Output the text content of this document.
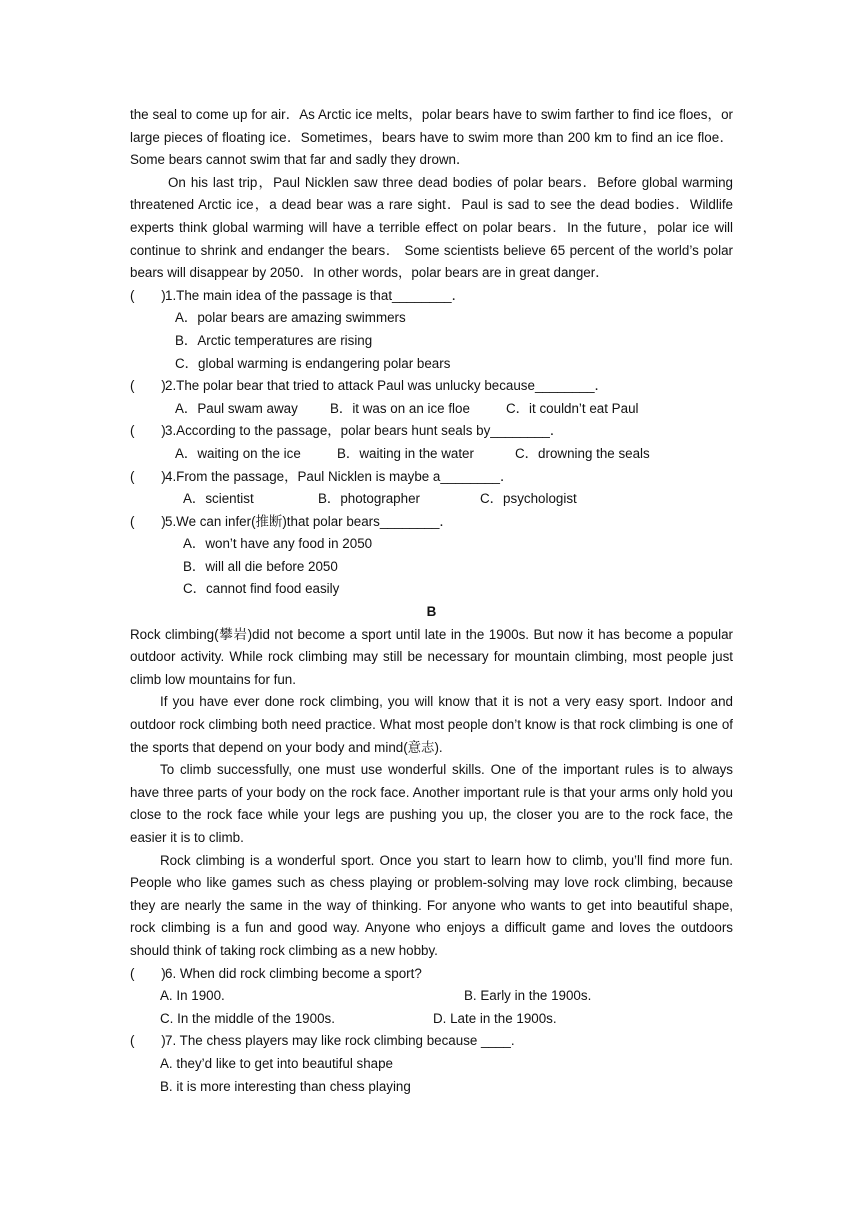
the seal to come up for air．As Arctic ice melts，polar bears have to swim farther to find ice floes，or large pieces of floating ice．Sometimes，bears have to swim more than 200 km to find an ice floe．Some bears cannot swim that far and sadly they drown．

On his last trip，Paul Nicklen saw three dead bodies of polar bears．Before global warming threatened Arctic ice，a dead bear was a rare sight．Paul is sad to see the dead bodies．Wildlife experts think global warming will have a terrible effect on polar bears．In the future，polar ice will continue to shrink and endanger the bears． Some scientists believe 65 percent of the world’s polar bears will disappear by 2050．In other words，polar bears are in great danger．

(　　) 1.The main idea of the passage is that________．
A．polar bears are amazing swimmers
B．Arctic temperatures are rising
C．global warming is endangering polar bears
(　　) 2.The polar bear that tried to attack Paul was unlucky because________．
A．Paul swam away B．it was on an ice floe	C．it couldn’t eat Paul
(　　) 3.According to the passage，polar bears hunt seals by________．
A．waiting on the ice	B．waiting in the water	C．drowning the seals
(　　) 4.From the passage，Paul Nicklen is maybe a________．
A．scientist	B．photographer	C．psychologist
(　　) 5.We can infer(推断)that polar bears________．
A．won’t have any food in 2050
B．will all die before 2050
C．cannot find food easily
B

Rock climbing(攀岩)did not become a sport until late in the 1900s. But now it has become a popular outdoor activity. While rock climbing may still be necessary for mountain climbing, most people just climb low mountains for fun.

If you have ever done rock climbing, you will know that it is not a very easy sport. Indoor and outdoor rock climbing both need practice. What most people don’t know is that rock climbing is one of the sports that depend on your body and mind(意志).

To climb successfully, one must use wonderful skills. One of the important rules is to always have three parts of your body on the rock face. Another important rule is that your arms only hold you close to the rock face while your legs are pushing you up, the closer you are to the rock face, the easier it is to climb.

Rock climbing is a wonderful sport. Once you start to learn how to climb, you’ll find more fun. People who like games such as chess playing or problem-solving may love rock climbing, because they are nearly the same in the way of thinking. For anyone who wants to get into beautiful shape, rock climbing is a fun and good way. Anyone who enjoys a difficult game and loves the outdoors should think of taking rock climbing as a new hobby.

(　　) 6. When did rock climbing become a sport?
A. In 1900.	B. Early in the 1900s.
C. In the middle of the 1900s.	D. Late in the 1900s.
(　　) 7. The chess players may like rock climbing because ____.
A. they’d like to get into beautiful shape
B. it is more interesting than chess playing
